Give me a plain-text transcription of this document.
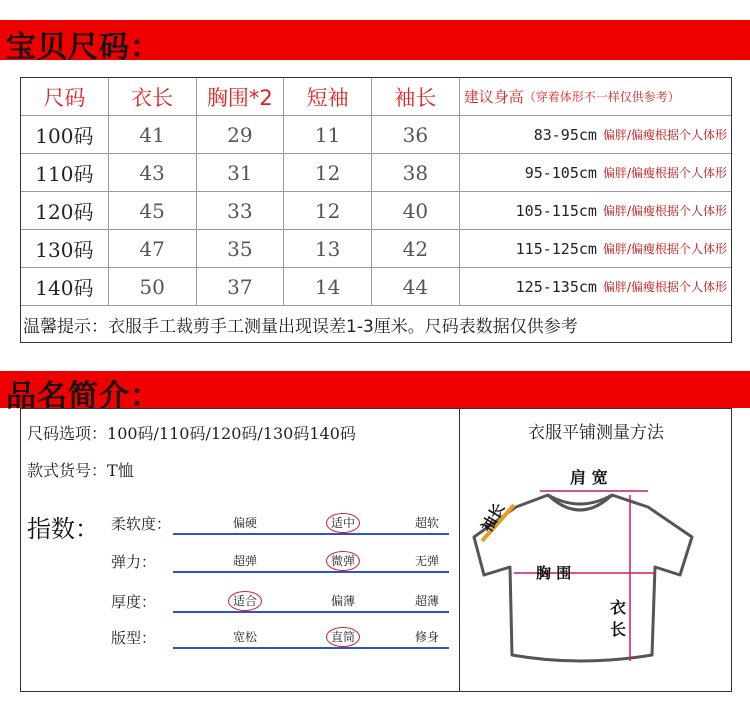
宝贝尺码：
尺码	衣长	胸围*2	短袖	袖长	建议身高 （穿着体形不一样仅供参考）
100码	41	29	11	36	83-95cm 偏胖/偏瘦根据个人体形
110码	43	31	12	38	95-105cm 偏胖/偏瘦根据个人体形
120码	45	33	12	40	105-115cm 偏胖/偏瘦根据个人体形
130码	47	35	13	42	115-125cm 偏胖/偏瘦根据个人体形
140码	50	37	14	44	125-135cm 偏胖/偏瘦根据个人体形
温馨提示：衣服手工裁剪手工测量出现误差1-3厘米。尺码表数据仅供参考
品名简介：
尺码选项：100码/110码/120码/130码140码
款式货号：T恤
指数： 柔软度：	偏硬	适中	超软
弹力：	超弹	微弹	无弹
厚度：	适合	偏薄	超薄
版型：	宽松	直筒	修身
衣服平铺测量方法
肩 宽
胸 围
衣
长
袖长
